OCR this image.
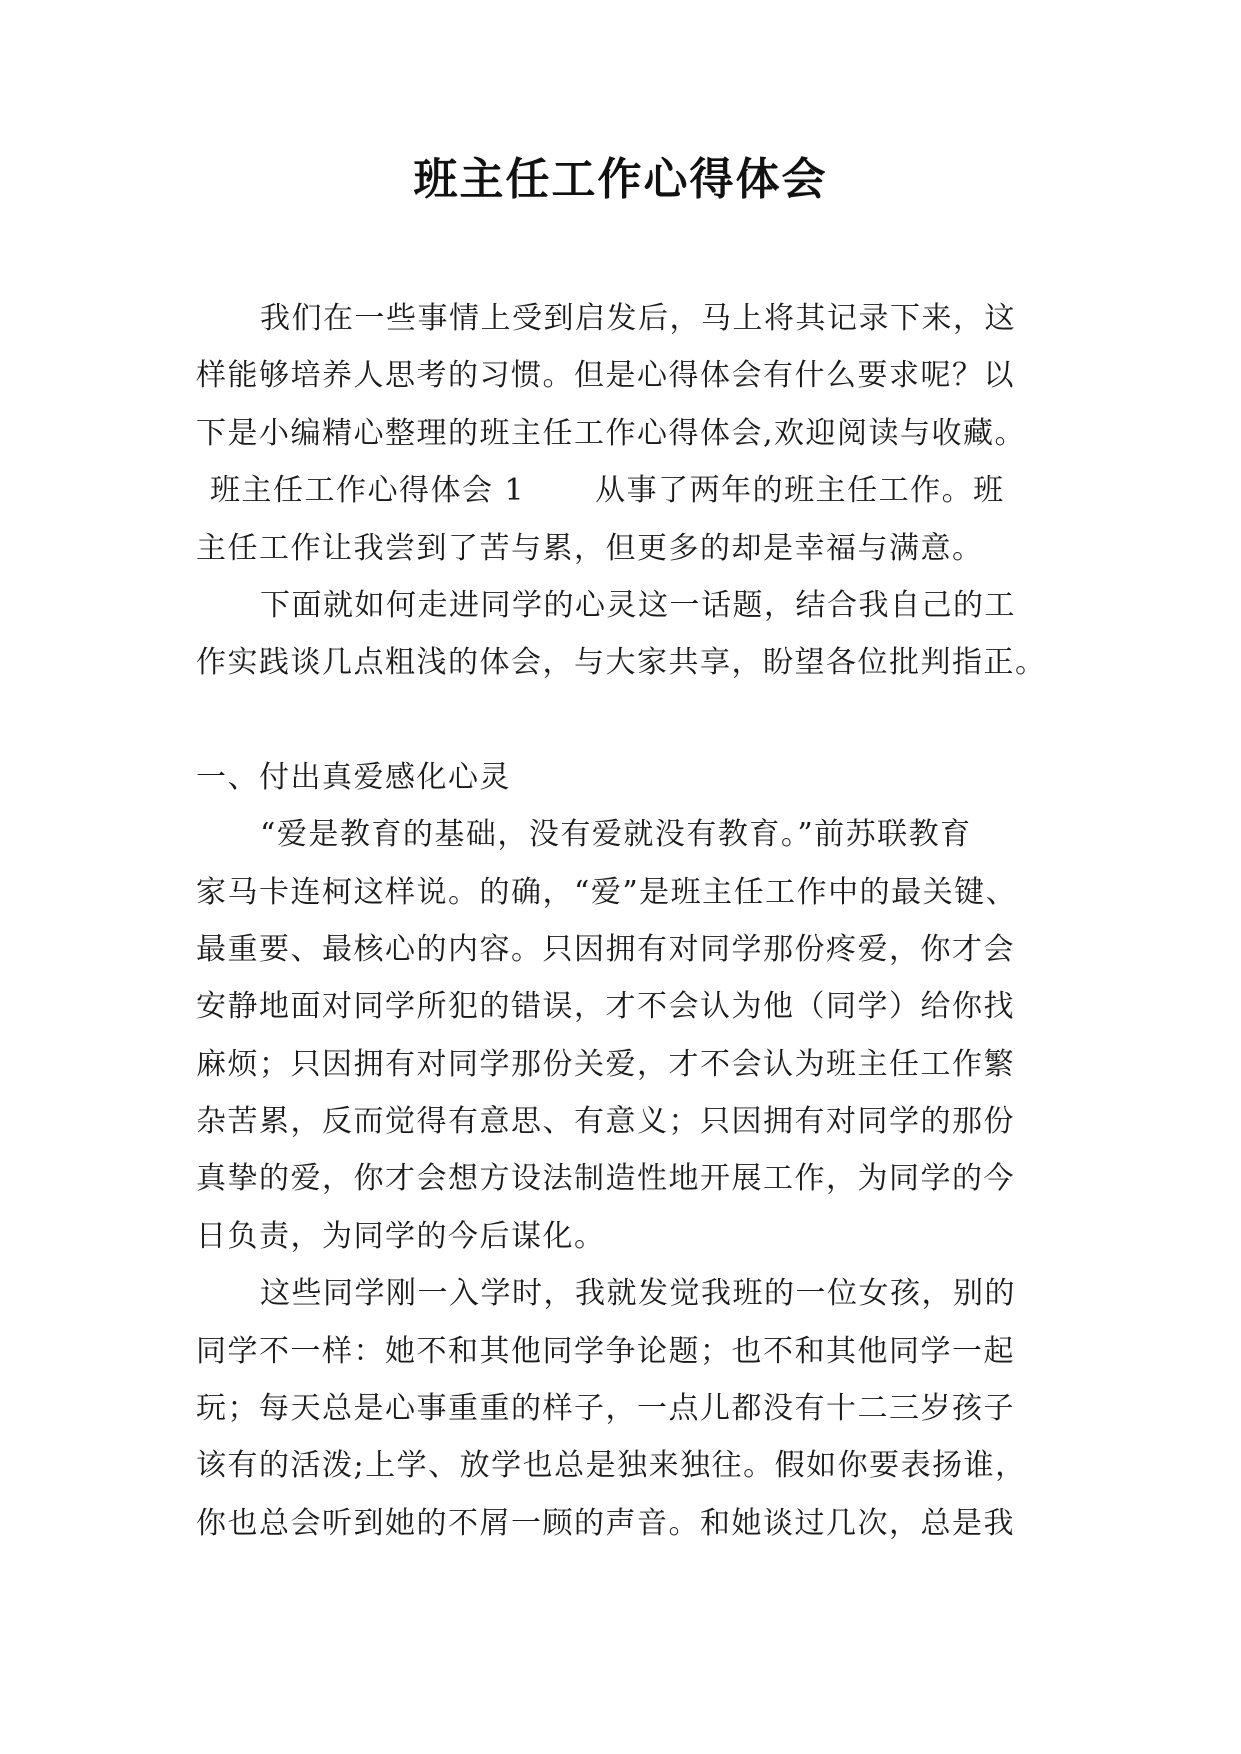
班主任工作心得体会
我们在一些事情上受到启发后，马上将其记录下来，这
样能够培养人思考的习惯。但是心得体会有什么要求呢？以
下是小编精心整理的班主任工作心得体会,欢迎阅读与收藏。
班主任工作心得体会 1 从事了两年的班主任工作。班
主任工作让我尝到了苦与累，但更多的却是幸福与满意。
下面就如何走进同学的心灵这一话题，结合我自己的工
作实践谈几点粗浅的体会，与大家共享，盼望各位批判指正。
一、付出真爱感化心灵
“爱是教育的基础，没有爱就没有教育。”前苏联教育
家马卡连柯这样说。的确，“爱”是班主任工作中的最关键、
最重要、最核心的内容。只因拥有对同学那份疼爱，你才会
安静地面对同学所犯的错误，才不会认为他（同学）给你找
麻烦；只因拥有对同学那份关爱，才不会认为班主任工作繁
杂苦累，反而觉得有意思、有意义；只因拥有对同学的那份
真挚的爱，你才会想方设法制造性地开展工作，为同学的今
日负责，为同学的今后谋化。
这些同学刚一入学时，我就发觉我班的一位女孩，别的
同学不一样：她不和其他同学争论题；也不和其他同学一起
玩；每天总是心事重重的样子，一点儿都没有十二三岁孩子
该有的活泼;上学、放学也总是独来独往。假如你要表扬谁，
你也总会听到她的不屑一顾的声音。和她谈过几次，总是我
